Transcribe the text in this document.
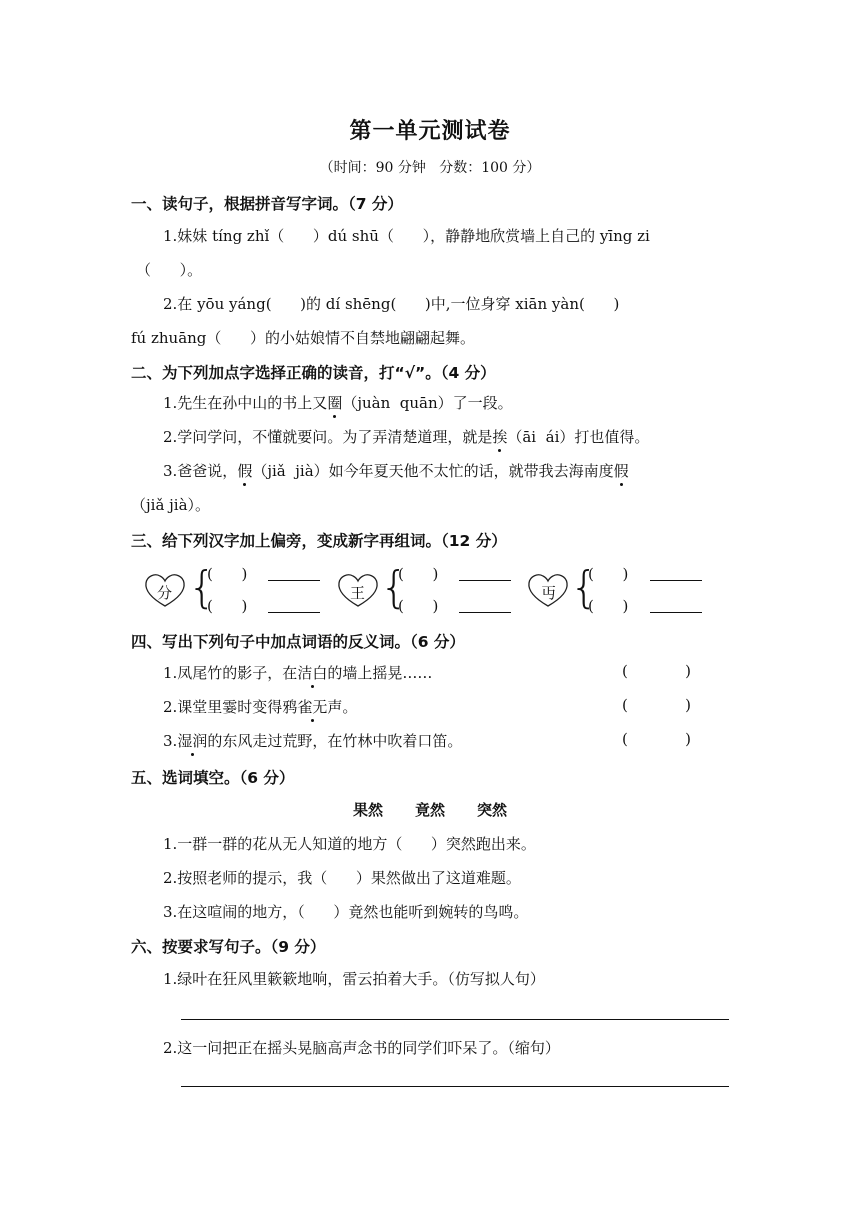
第一单元测试卷
（时间：90 分钟   分数：100 分）
一、读句子，根据拼音写字词。（7 分）
1.妹妹 tíng zhǐ（      ）dú shū（      ），静静地欣赏墙上自己的 yīng zi
（      ）。
2.在 yōu yáng(      )的 dí shēng(      )中,一位身穿 xiān yàn(      )
fú zhuāng（      ）的小姑娘情不自禁地翩翩起舞。
二、为下列加点字选择正确的读音，打“√”。（4 分）
1.先生在孙中山的书上又圈（juàn  quān）了一段。
2.学问学问，不懂就要问。为了弄清楚道理，就是挨（āi  ái）打也值得。
3.爸爸说，假（jiǎ  jià）如今年夏天他不太忙的话，就带我去海南度假
（jiǎ jià）。
三、给下列汉字加上偏旁，变成新字再组词。（12 分）
分 {
(      )
(      )
王 {
(      )
(      )
丏 {
(      )
(      )
四、写出下列句子中加点词语的反义词。（6 分）
1.凤尾竹的影子，在洁白的墙上摇晃……	(            )
2.课堂里霎时变得鸦雀无声。	(            )
3.湿润的东风走过荒野，在竹林中吹着口笛。	(            )
五、选词填空。（6 分）
果然 竟然 突然
1.一群一群的花从无人知道的地方（      ）突然跑出来。
2.按照老师的提示，我（      ）果然做出了这道难题。
3.在这喧闹的地方，（      ）竟然也能听到婉转的鸟鸣。
六、按要求写句子。（9 分）
1.绿叶在狂风里簌簌地响，雷云拍着大手。（仿写拟人句）
2.这一问把正在摇头晃脑高声念书的同学们吓呆了。（缩句）
